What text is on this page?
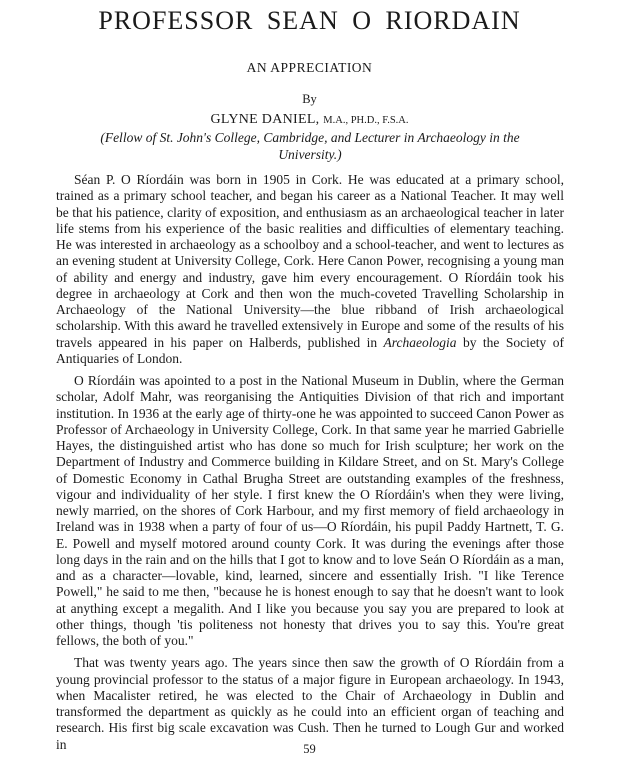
PROFESSOR SEAN O RIORDAIN
AN APPRECIATION
By
GLYNE DANIEL, M.A., PH.D., F.S.A.
(Fellow of St. John's College, Cambridge, and Lecturer in Archaeology in the University.)

Séan P. O Ríordáin was born in 1905 in Cork. He was educated at a primary school, trained as a primary school teacher, and began his career as a National Teacher. It may well be that his patience, clarity of exposition, and enthusiasm as an archaeological teacher in later life stems from his experience of the basic realities and difficulties of elementary teaching. He was interested in archaeology as a schoolboy and a school-teacher, and went to lectures as an evening student at University College, Cork. Here Canon Power, recognising a young man of ability and energy and industry, gave him every encouragement. O Ríordáin took his degree in archaeology at Cork and then won the much-coveted Travelling Scholarship in Archaeology of the National University—the blue ribband of Irish archaeological scholarship. With this award he travelled extensively in Europe and some of the results of his travels appeared in his paper on Halberds, published in Archaeologia by the Society of Antiquaries of London.

O Ríordáin was apointed to a post in the National Museum in Dublin, where the German scholar, Adolf Mahr, was reorganising the Antiquities Division of that rich and important institution. In 1936 at the early age of thirty-one he was appointed to succeed Canon Power as Professor of Archaeology in University College, Cork. In that same year he married Gabrielle Hayes, the distinguished artist who has done so much for Irish sculpture; her work on the Department of Industry and Commerce building in Kildare Street, and on St. Mary's College of Domestic Economy in Cathal Brugha Street are outstanding examples of the freshness, vigour and individuality of her style. I first knew the O Ríordáin's when they were living, newly married, on the shores of Cork Harbour, and my first memory of field archaeology in Ireland was in 1938 when a party of four of us—O Ríordáin, his pupil Paddy Hartnett, T. G. E. Powell and myself motored around county Cork. It was during the evenings after those long days in the rain and on the hills that I got to know and to love Seán O Ríordáin as a man, and as a character—lovable, kind, learned, sincere and essentially Irish. "I like Terence Powell," he said to me then, "because he is honest enough to say that he doesn't want to look at anything except a megalith. And I like you because you say you are prepared to look at other things, though 'tis politeness not honesty that drives you to say this. You're great fellows, the both of you."

That was twenty years ago. The years since then saw the growth of O Ríordáin from a young provincial professor to the status of a major figure in European archaeology. In 1943, when Macalister retired, he was elected to the Chair of Archaeology in Dublin and transformed the department as quickly as he could into an efficient organ of teaching and research. His first big scale excavation was Cush. Then he turned to Lough Gur and worked in	59
